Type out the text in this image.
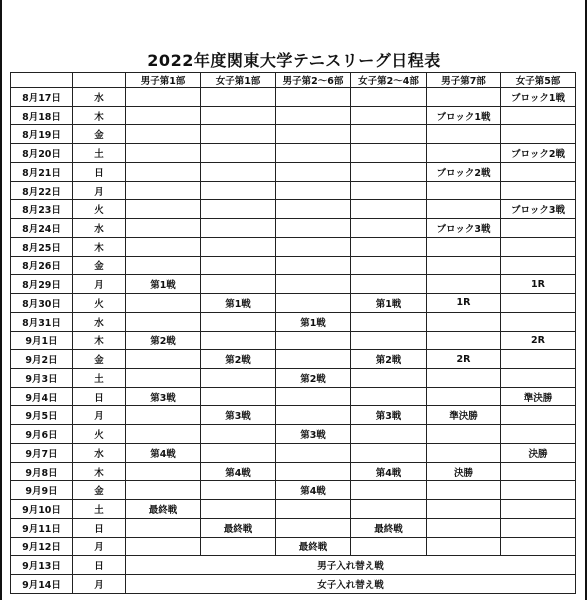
2022年度関東大学テニスリーグ日程表
		男子第1部	女子第1部	男子第2～6部	女子第2～4部	男子第7部	女子第5部
8月17日	水						ブロック1戦
8月18日	木					ブロック1戦	
8月19日	金						
8月20日	土						ブロック2戦
8月21日	日					ブロック2戦	
8月22日	月						
8月23日	火						ブロック3戦
8月24日	水					ブロック3戦	
8月25日	木						
8月26日	金						
8月29日	月	第1戦					1R
8月30日	火		第1戦		第1戦	1R	
8月31日	水			第1戦			
9月1日	木	第2戦					2R
9月2日	金		第2戦		第2戦	2R	
9月3日	土			第2戦			
9月4日	日	第3戦					準決勝
9月5日	月		第3戦		第3戦	準決勝	
9月6日	火			第3戦			
9月7日	水	第4戦					決勝
9月8日	木		第4戦		第4戦	決勝	
9月9日	金			第4戦			
9月10日	土	最終戦					
9月11日	日		最終戦		最終戦		
9月12日	月			最終戦			
9月13日	日	男子入れ替え戦					
9月14日	月	女子入れ替え戦					
